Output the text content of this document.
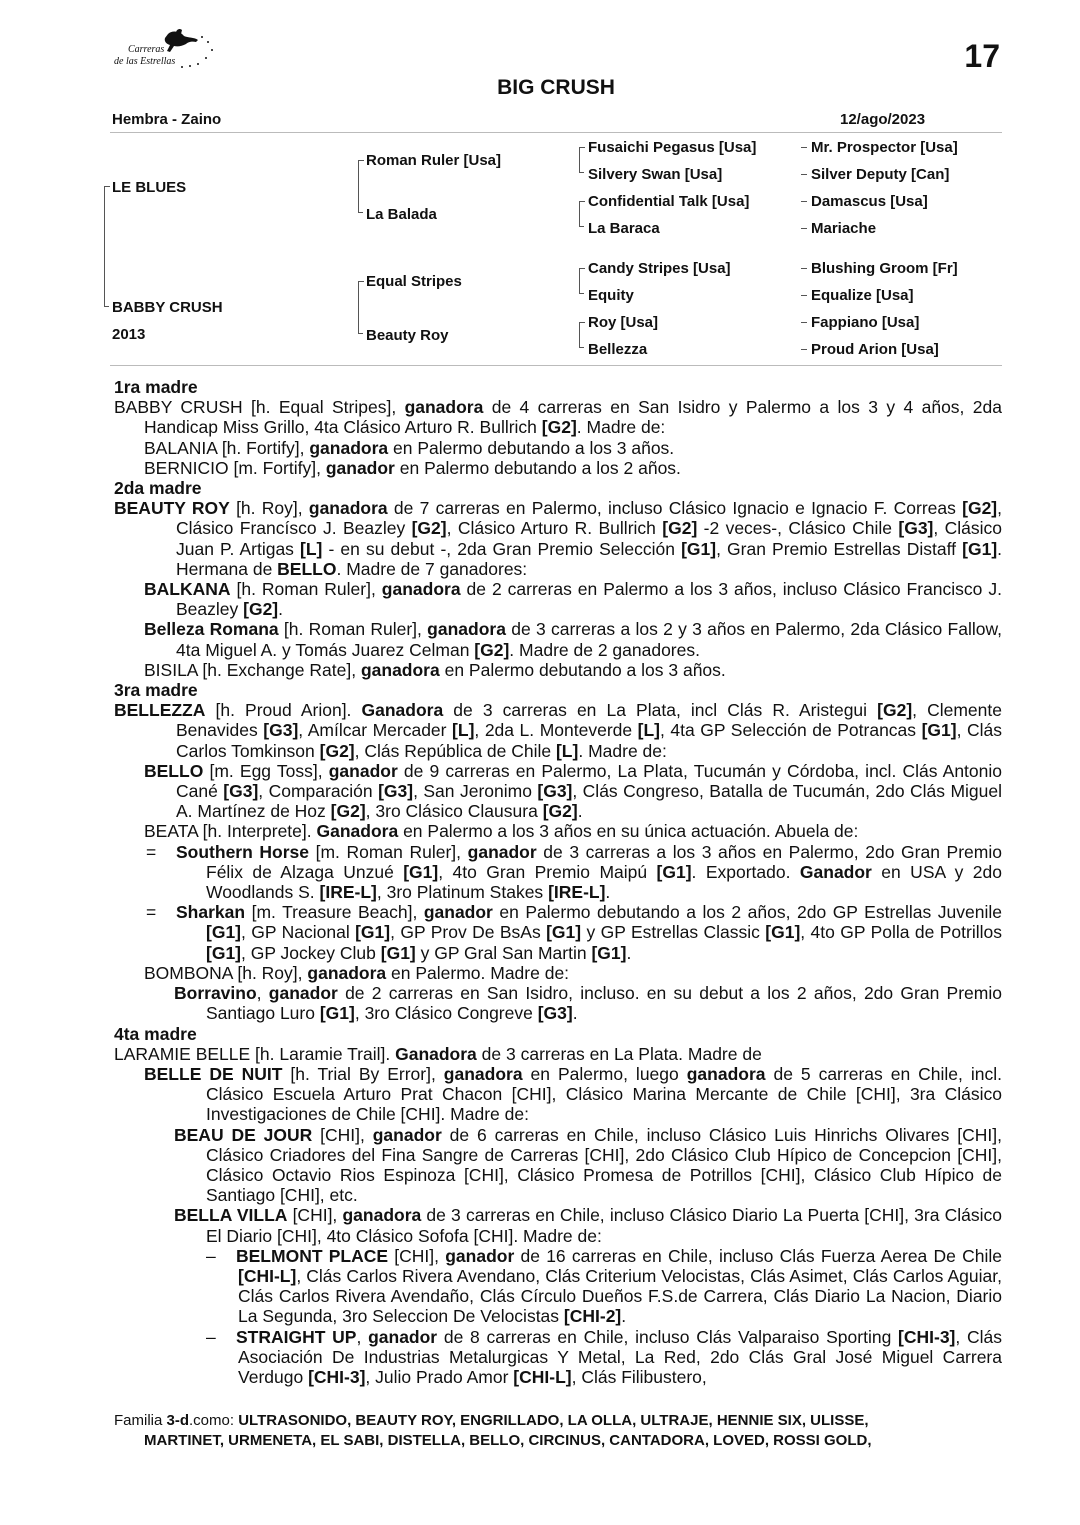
Carreras
de las Estrellas	17
BIG CRUSH
Hembra - Zaino	12/ago/2023
LE BLUES
BABBY CRUSH
2013
Roman Ruler [Usa]
La Balada
Equal Stripes
Beauty Roy
Fusaichi Pegasus [Usa]
Silvery Swan [Usa]
Confidential Talk [Usa]
La Baraca
Candy Stripes [Usa]
Equity
Roy [Usa]
Bellezza
Mr. Prospector [Usa]
Silver Deputy [Can]
Damascus [Usa]
Mariache
Blushing Groom [Fr]
Equalize [Usa]
Fappiano [Usa]
Proud Arion [Usa]
1ra madre
BABBY CRUSH [h. Equal Stripes], ganadora de 4 carreras en San Isidro y Palermo a los 3 y 4 años, 2da Handicap Miss Grillo, 4ta Clásico Arturo R. Bullrich [G2]. Madre de:
BALANIA [h. Fortify], ganadora en Palermo debutando a los 3 años.
BERNICIO [m. Fortify], ganador en Palermo debutando a los 2 años.
2da madre
BEAUTY ROY [h. Roy], ganadora de 7 carreras en Palermo, incluso Clásico Ignacio e Ignacio F. Correas [G2], Clásico Francísco J. Beazley [G2], Clásico Arturo R. Bullrich [G2] -2 veces-, Clásico Chile [G3], Clásico Juan P. Artigas [L] - en su debut -, 2da Gran Premio Selección [G1], Gran Premio Estrellas Distaff [G1]. Hermana de BELLO. Madre de 7 ganadores:
BALKANA [h. Roman Ruler], ganadora de 2 carreras en Palermo a los 3 años, incluso Clásico Francisco J. Beazley [G2].
Belleza Romana [h. Roman Ruler], ganadora de 3 carreras a los 2 y 3 años en Palermo, 2da Clásico Fallow, 4ta Miguel A. y Tomás Juarez Celman [G2]. Madre de 2 ganadores.
BISILA [h. Exchange Rate], ganadora en Palermo debutando a los 3 años.
3ra madre
BELLEZZA [h. Proud Arion]. Ganadora de 3 carreras en La Plata, incl Clás R. Aristegui [G2], Clemente Benavides [G3], Amílcar Mercader [L], 2da L. Monteverde [L], 4ta GP Selección de Potrancas [G1], Clás Carlos Tomkinson [G2], Clás República de Chile [L]. Madre de:
BELLO [m. Egg Toss], ganador de 9 carreras en Palermo, La Plata, Tucumán y Córdoba, incl. Clás Antonio Cané [G3], Comparación [G3], San Jeronimo [G3], Clás Congreso, Batalla de Tucumán, 2do Clás Miguel A. Martínez de Hoz [G2], 3ro Clásico Clausura [G2].
BEATA [h. Interprete]. Ganadora en Palermo a los 3 años en su única actuación. Abuela de:
= Southern Horse [m. Roman Ruler], ganador de 3 carreras a los 3 años en Palermo, 2do Gran Premio Félix de Alzaga Unzué [G1], 4to Gran Premio Maipú [G1]. Exportado. Ganador en USA y 2do Woodlands S. [IRE-L], 3ro Platinum Stakes [IRE-L].
= Sharkan [m. Treasure Beach], ganador en Palermo debutando a los 2 años, 2do GP Estrellas Juvenile [G1], GP Nacional [G1], GP Prov De BsAs [G1] y GP Estrellas Classic [G1], 4to GP Polla de Potrillos [G1], GP Jockey Club [G1] y GP Gral San Martin [G1].
BOMBONA [h. Roy], ganadora en Palermo. Madre de:
Borravino, ganador de 2 carreras en San Isidro, incluso. en su debut a los 2 años, 2do Gran Premio Santiago Luro [G1], 3ro Clásico Congreve [G3].
4ta madre
LARAMIE BELLE [h. Laramie Trail]. Ganadora de 3 carreras en La Plata. Madre de
BELLE DE NUIT [h. Trial By Error], ganadora en Palermo, luego ganadora de 5 carreras en Chile, incl. Clásico Escuela Arturo Prat Chacon [CHI], Clásico Marina Mercante de Chile [CHI], 3ra Clásico Investigaciones de Chile [CHI]. Madre de:
BEAU DE JOUR [CHI], ganador de 6 carreras en Chile, incluso Clásico Luis Hinrichs Olivares [CHI], Clásico Criadores del Fina Sangre de Carreras [CHI], 2do Clásico Club Hípico de Concepcion [CHI], Clásico Octavio Rios Espinoza [CHI], Clásico Promesa de Potrillos [CHI], Clásico Club Hípico de Santiago [CHI], etc.
BELLA VILLA [CHI], ganadora de 3 carreras en Chile, incluso Clásico Diario La Puerta [CHI], 3ra Clásico El Diario [CHI], 4to Clásico Sofofa [CHI]. Madre de:
– BELMONT PLACE [CHI], ganador de 16 carreras en Chile, incluso Clás Fuerza Aerea De Chile [CHI-L], Clás Carlos Rivera Avendano, Clás Criterium Velocistas, Clás Asimet, Clás Carlos Aguiar, Clás Carlos Rivera Avendaño, Clás Círculo Dueños F.S.de Carrera, Clás Diario La Nacion, Diario La Segunda, 3ro Seleccion De Velocistas [CHI-2].
– STRAIGHT UP, ganador de 8 carreras en Chile, incluso Clás Valparaiso Sporting [CHI-3], Clás Asociación De Industrias Metalurgicas Y Metal, La Red, 2do Clás Gral José Miguel Carrera Verdugo [CHI-3], Julio Prado Amor [CHI-L], Clás Filibustero,
Familia 3-d.como: ULTRASONIDO, BEAUTY ROY, ENGRILLADO, LA OLLA, ULTRAJE, HENNIE SIX, ULISSE,
MARTINET, URMENETA, EL SABI, DISTELLA, BELLO, CIRCINUS, CANTADORA, LOVED, ROSSI GOLD,
